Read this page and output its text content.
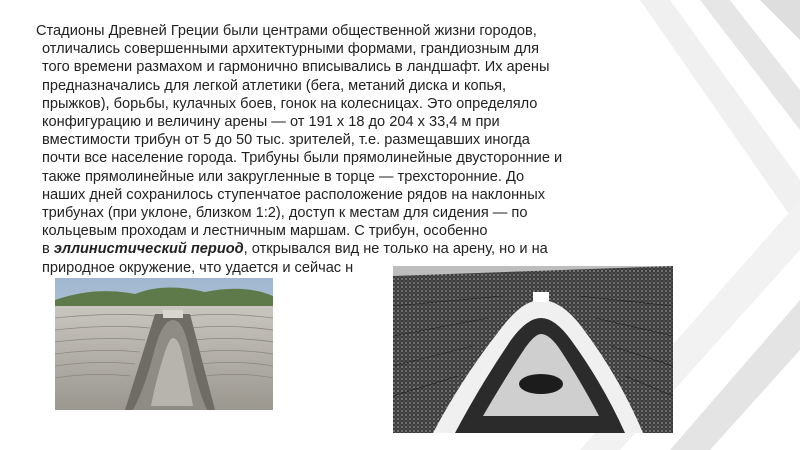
Стадионы Древней Греции были центрами общественной жизни городов,
отличались совершенными архитектурными формами, грандиозным для
того времени размахом и гармонично вписывались в ландшафт. Их арены
предназначались для легкой атлетики (бега, метаний диска и копья,
прыжков), борьбы, кулачных боев, гонок на колесницах. Это определяло
конфигурацию и величину арены — от 191 х 18 до 204 х 33,4 м при
вместимости трибун от 5 до 50 тыс. зрителей, т.е. размещавших иногда
почти все население города. Трибуны были прямолинейные двусторонние и
также прямолинейные или закругленные в торце — трехсторонние. До
наших дней сохранилось ступенчатое расположение рядов на наклонных
трибунах (при уклоне, близком 1:2), доступ к местам для сидения — по
кольцевым проходам и лестничным маршам. С трибун, особенно
в эллинистический период, открывался вид не только на арену, но и на
природное окружение, что удается и сейчас н
